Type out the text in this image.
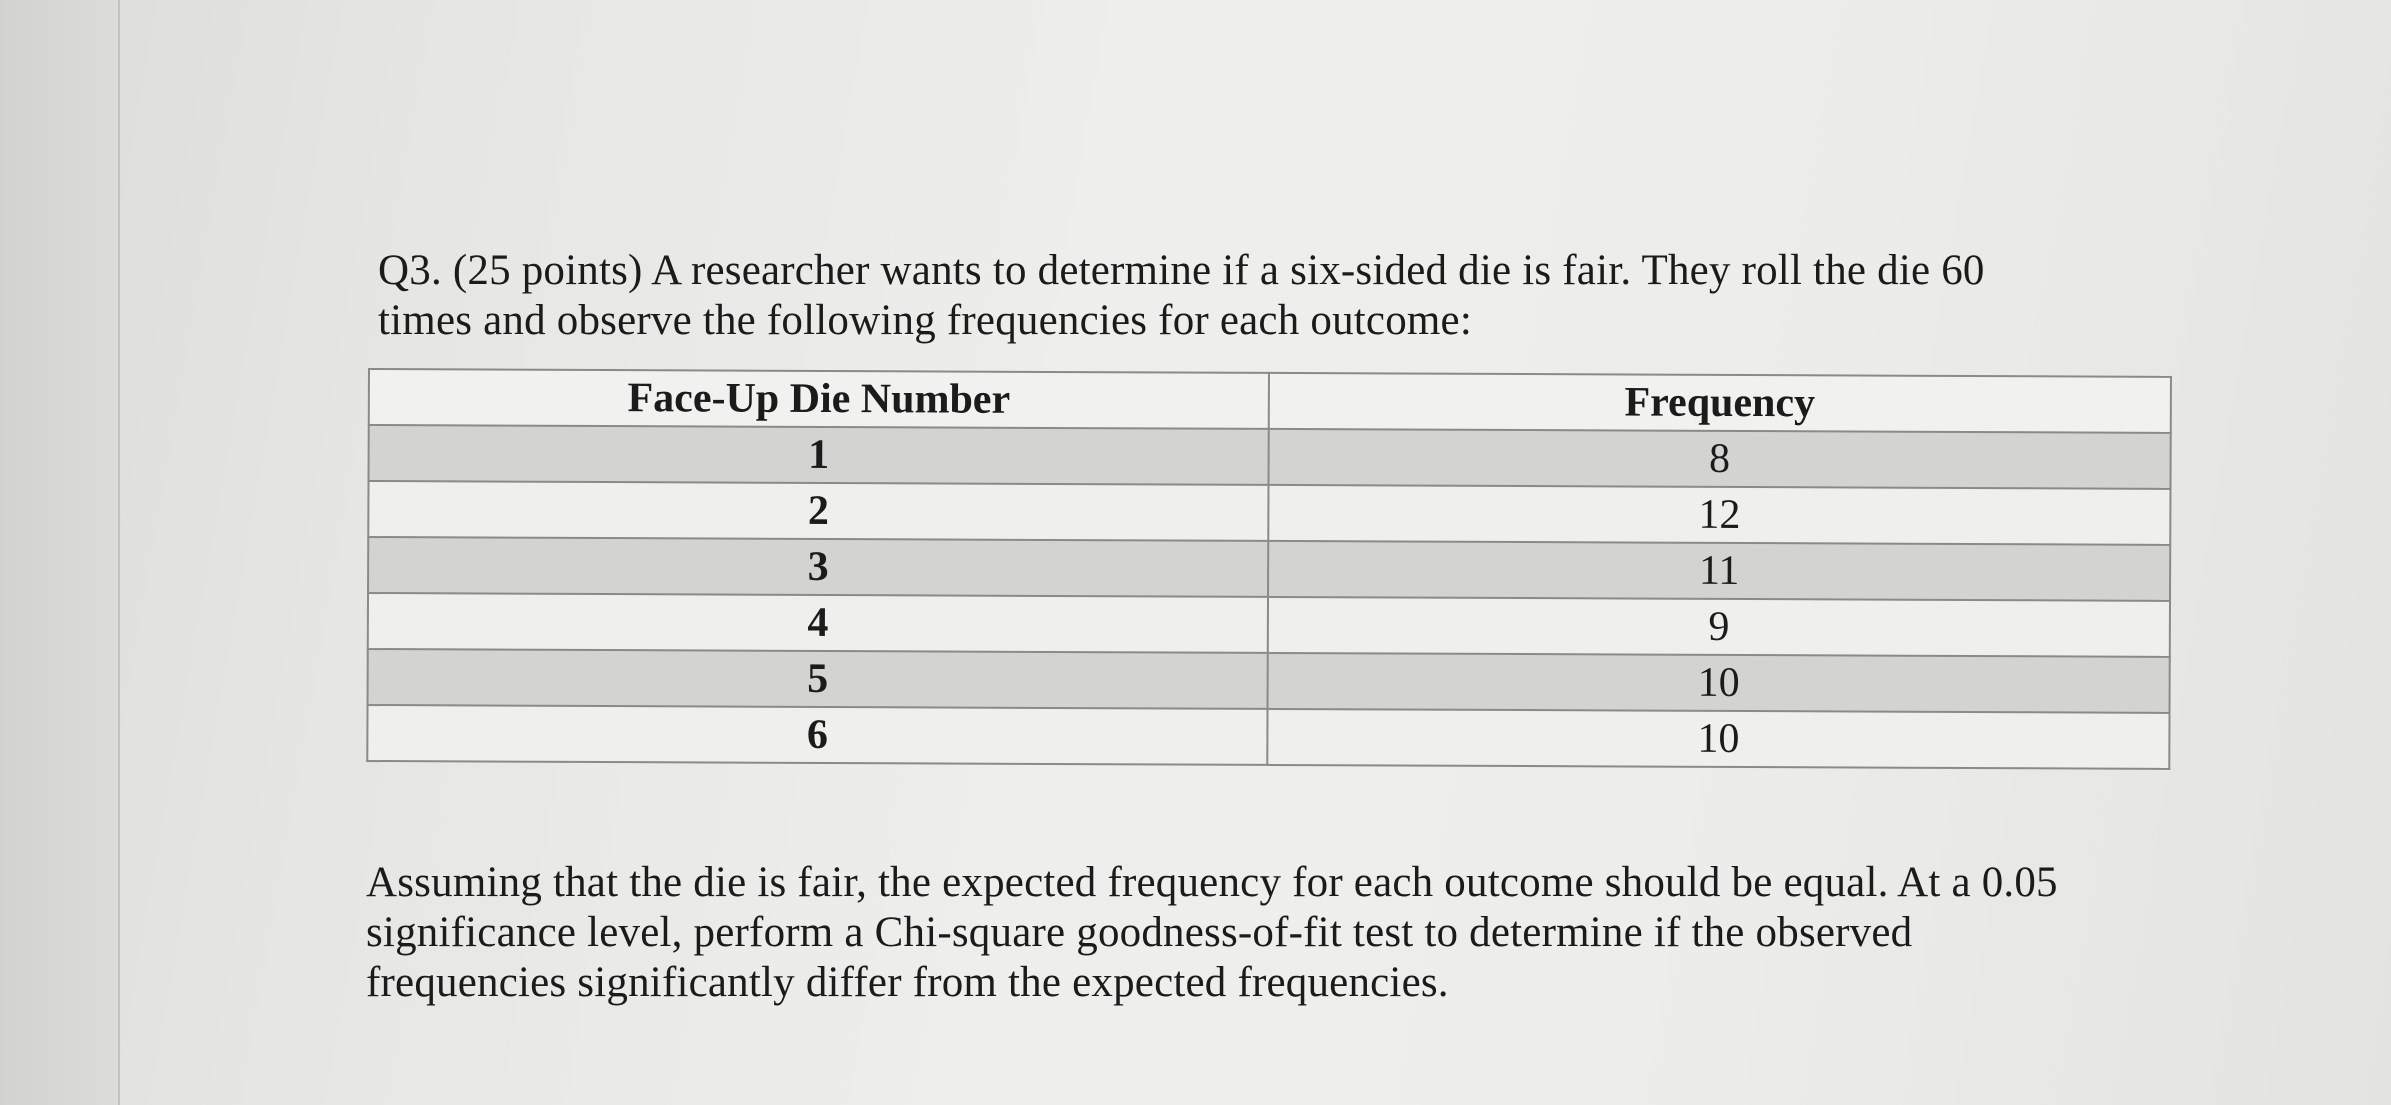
Q3. (25 points) A researcher wants to determine if a six-sided die is fair. They roll the die 60

times and observe the following frequencies for each outcome:

Face-Up Die Number	Frequency
1	8
2	12
3	11
4	9
5	10
6	10

Assuming that the die is fair, the expected frequency for each outcome should be equal. At a 0.05

significance level, perform a Chi-square goodness-of-fit test to determine if the observed

frequencies significantly differ from the expected frequencies.
